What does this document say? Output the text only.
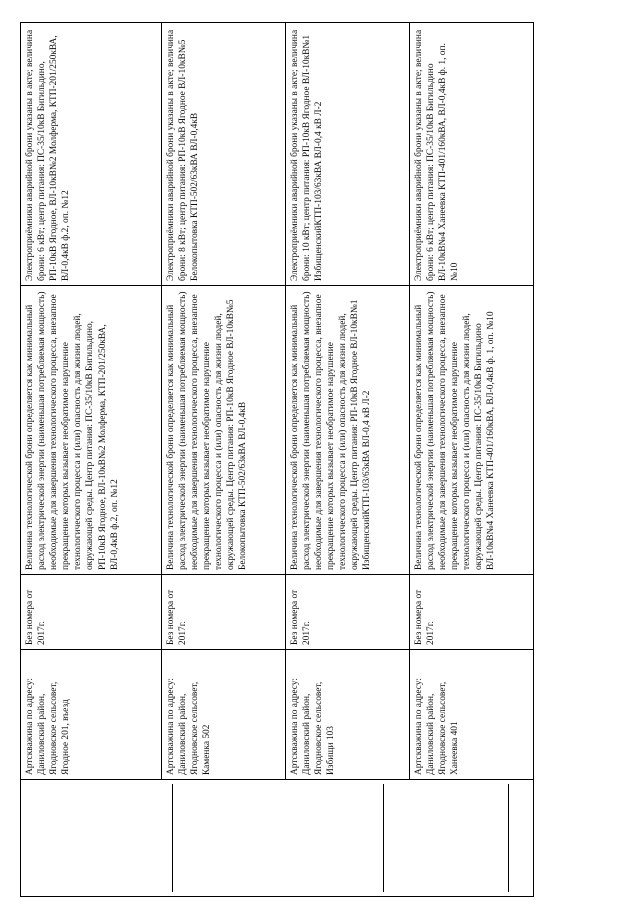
	Артскважина по адресу: Даниловский район, Ягодновское сельсовет, Ягодное 201, въезд	Без номера от 2017г.	Величина технологической брони определяется как минимальный расход электрической энергии (наименьшая потребляемая мощность) необходимые для завершения технологического процесса, внезапное прекращение которых вызывает необратимое нарушение технологического процесса и (или) опасность для жизни людей, окружающей среды. Центр питания: ПС-35/10кВ Бигильдино, РП-10кВ Ягодное, ВЛ-10кВ№2 Молферма, КТП-201/250кВА, ВЛ-0,4кВ ф.2, оп. №12	Электроприёмники аварийной брони указаны в акте; величина брони: 6 кВт; центр питания: ПС-35/10кВ Бигильдино, РП-10кВ Ягодное, ВЛ-10кВ№2 Молферма, КТП-201/250кВА, ВЛ-0,4кВ ф.2, оп. №12
	Артскважина по адресу: Даниловский район, Ягодновское сельсовет, Каменка 502	Без номера от 2017г.	Величина технологической брони определяется как минимальный расход электрической энергии (наименьшая потребляемая мощность) необходимые для завершения технологического процесса, внезапное прекращение которых вызывает необратимое нарушение технологического процесса и (или) опасность для жизни людей, окружающей среды. Центр питания: РП-10кВ Ягодное ВЛ-10кВ№5 Белокопытовка КТП-502/63кВА ВЛ-0,4кВ	Электроприёмники аварийной брони указаны в акте; величина брони: 8 кВт; центр питания: РП-10кВ Ягодное ВЛ-10кВ№5 Белокопытовка КТП-502/63кВА ВЛ-0,4кВ
	Артскважина по адресу: Даниловский район, Ягодновское сельсовет, Избищи 103	Без номера от 2017г.	Величина технологической брони определяется как минимальный расход электрической энергии (наименьшая потребляемая мощность) необходимые для завершения технологического процесса, внезапное прекращение которых вызывает необратимое нарушение технологического процесса и (или) опасность для жизни людей, окружающей среды. Центр питания: РП-10кВ Ягодное ВЛ-10кВ№1 ИзбищенскийКТП-103/63кВА ВЛ-0,4 кВ Л-2	Электроприёмники аварийной брони указаны в акте; величина брони: 10 кВт; центр питания: РП-10кВ Ягодное ВЛ-10кВ№1 ИзбищенскийКТП-103/63кВА ВЛ-0,4 кВ Л-2
	Артскважина по адресу: Даниловский район, Ягодновское сельсовет, Ханеевка 401	Без номера от 2017г.	Величина технологической брони определяется как минимальный расход электрической энергии (наименьшая потребляемая мощность) необходимые для завершения технологического процесса, внезапное прекращение которых вызывает необратимое нарушение технологического процесса и (или) опасность для жизни людей, окружающей среды. Центр питания: ПС-35/10кВ Бигильдино ВЛ-10кВ№4 Ханеевка КТП-401/160кВА, ВЛ-0,4кВ ф. 1, оп. №10	Электроприёмники аварийной брони указаны в акте; величина брони: 6 кВт; центр питания: ПС-35/10кВ Бигильдино ВЛ-10кВ№4 Ханеевка КТП-401/160кВА, ВЛ-0,4кВ ф. 1, оп. №10
